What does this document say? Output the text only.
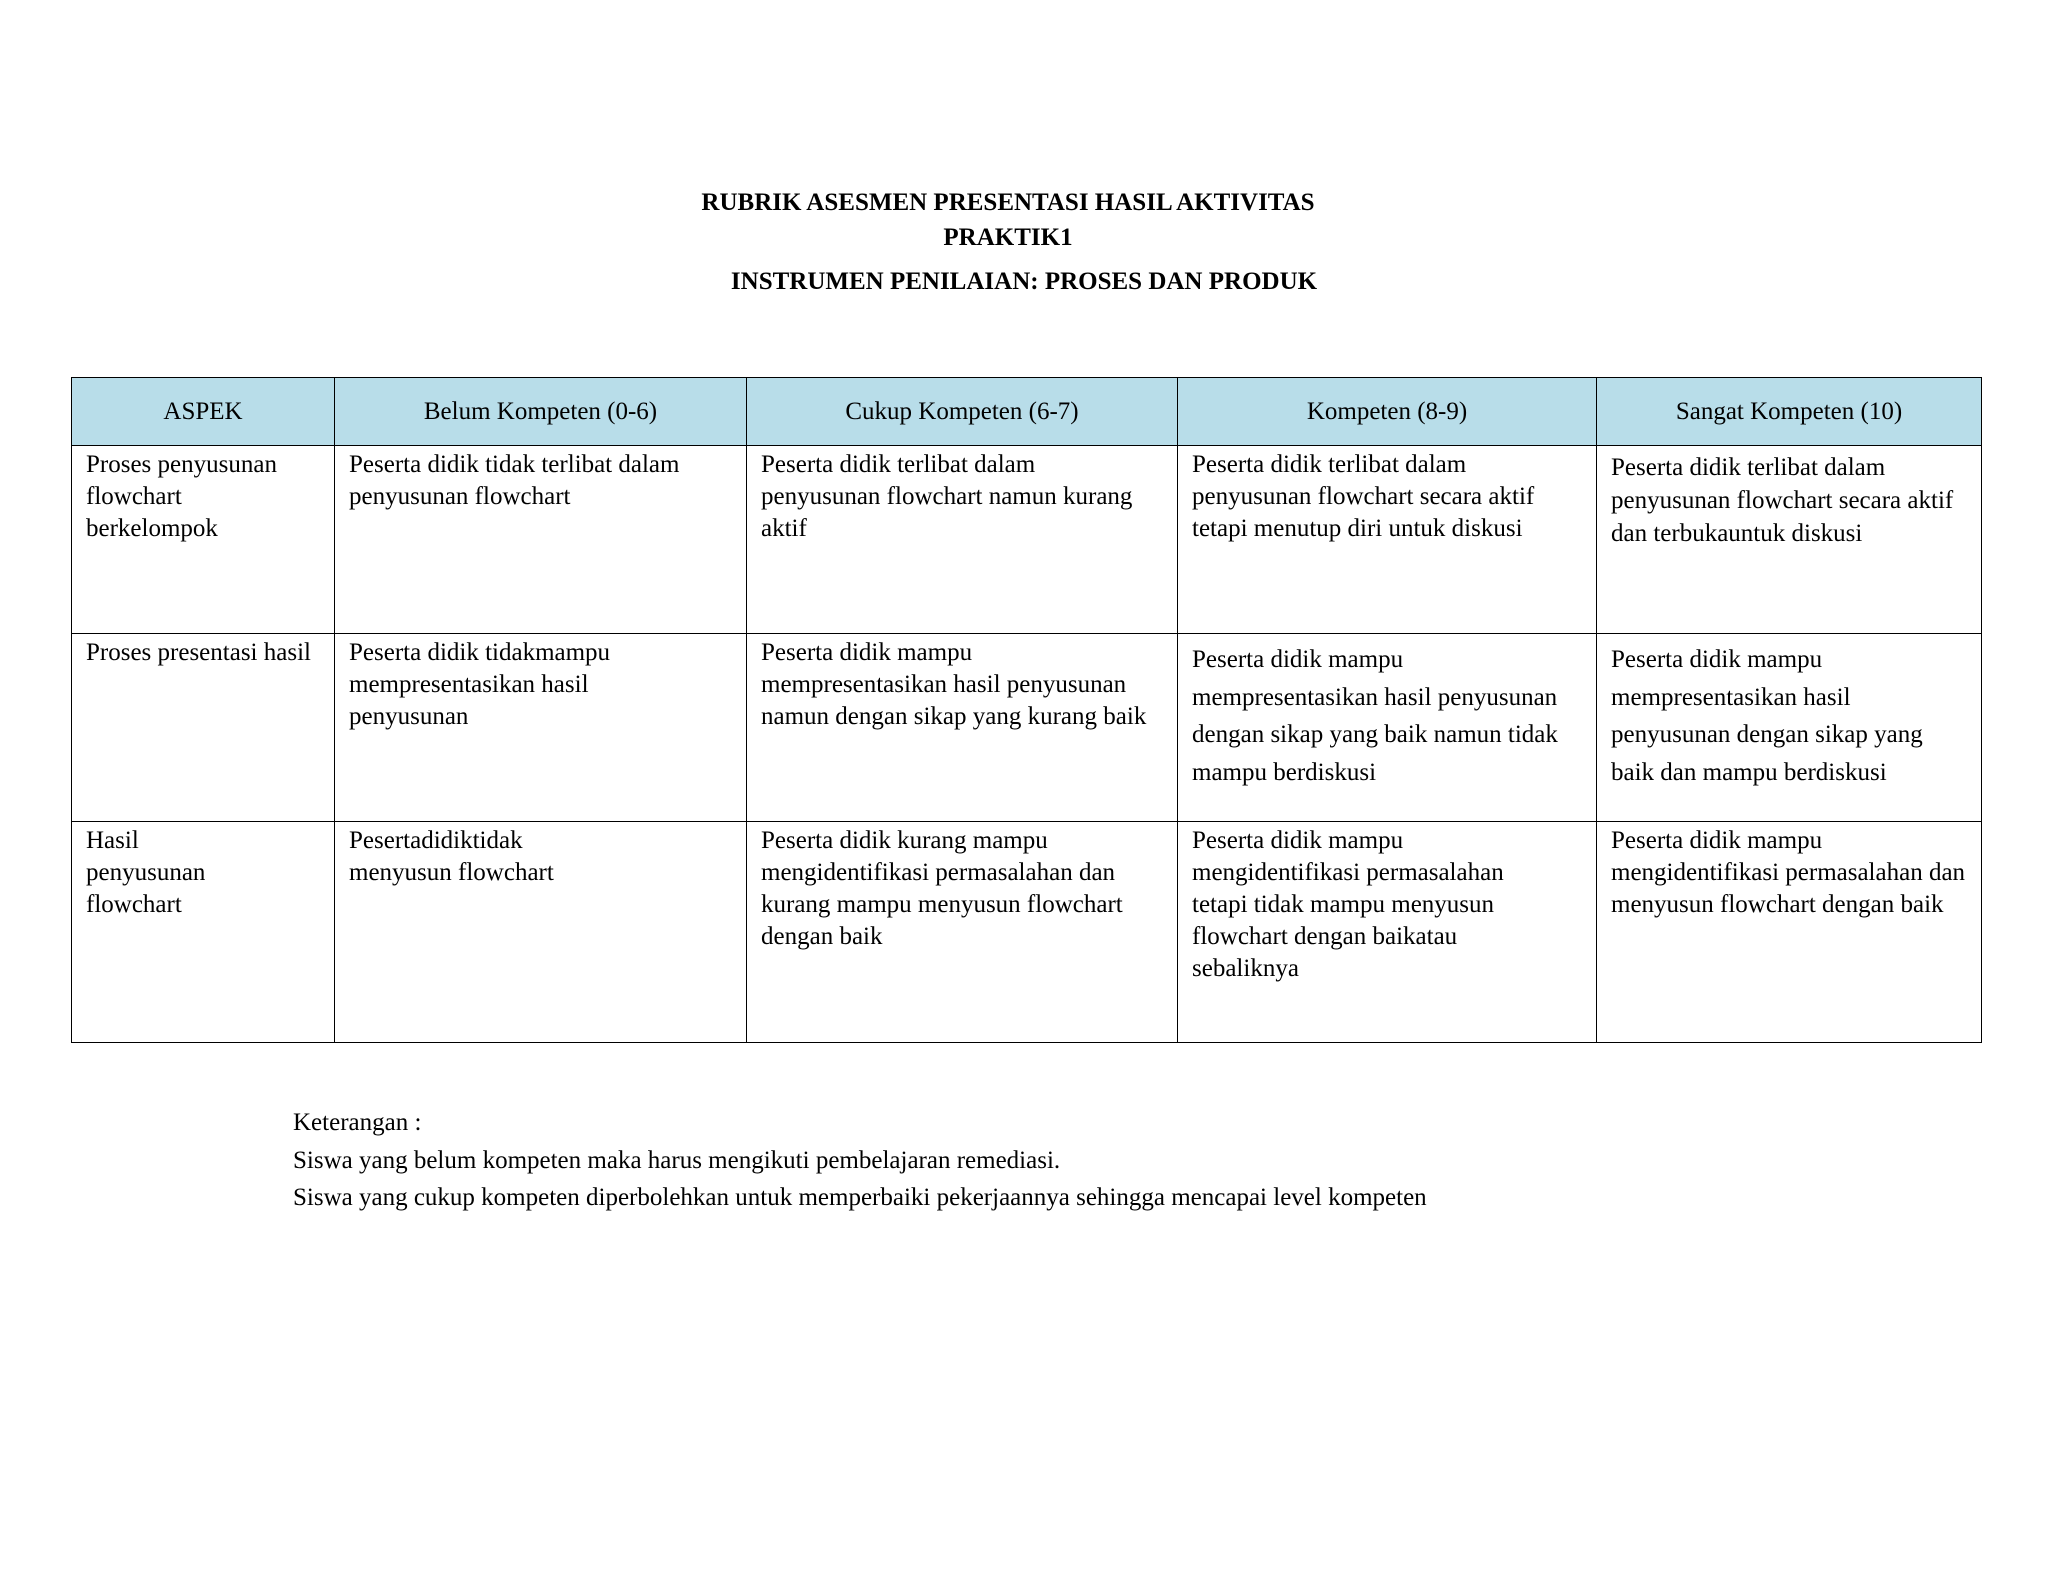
RUBRIK ASESMEN PRESENTASI HASIL AKTIVITAS
PRAKTIK1
INSTRUMEN PENILAIAN: PROSES DAN PRODUK
ASPEK	Belum Kompeten (0-6)	Cukup Kompeten (6-7)	Kompeten (8-9)	Sangat Kompeten (10)

Proses penyusunan flowchart berkelompok	Peserta didik tidak terlibat dalam penyusunan flowchart	Peserta didik terlibat dalam penyusunan flowchart namun kurang aktif	Peserta didik terlibat dalam penyusunan flowchart secara aktif tetapi menutup diri untuk diskusi	Peserta didik terlibat dalam penyusunan flowchart secara aktif dan terbukauntuk diskusi

Proses presentasi hasil	Peserta didik tidakmampu mempresentasikan hasil penyusunan	Peserta didik mampu mempresentasikan hasil penyusunan namun dengan sikap yang kurang baik	Peserta didik mampu mempresentasikan hasil penyusunan dengan sikap yang baik namun tidak mampu berdiskusi	Peserta didik mampu mempresentasikan hasil penyusunan dengan sikap yang baik dan mampu berdiskusi

Hasil penyusunan flowchart	Pesertadidiktidak menyusun flowchart	Peserta didik kurang mampu mengidentifikasi permasalahan dan kurang mampu menyusun flowchart dengan baik	Peserta didik mampu mengidentifikasi permasalahan tetapi tidak mampu menyusun flowchart dengan baikatau sebaliknya	Peserta didik mampu mengidentifikasi permasalahan dan menyusun flowchart dengan baik
Keterangan :
Siswa yang belum kompeten maka harus mengikuti pembelajaran remediasi.
Siswa yang cukup kompeten diperbolehkan untuk memperbaiki pekerjaannya sehingga mencapai level kompeten
